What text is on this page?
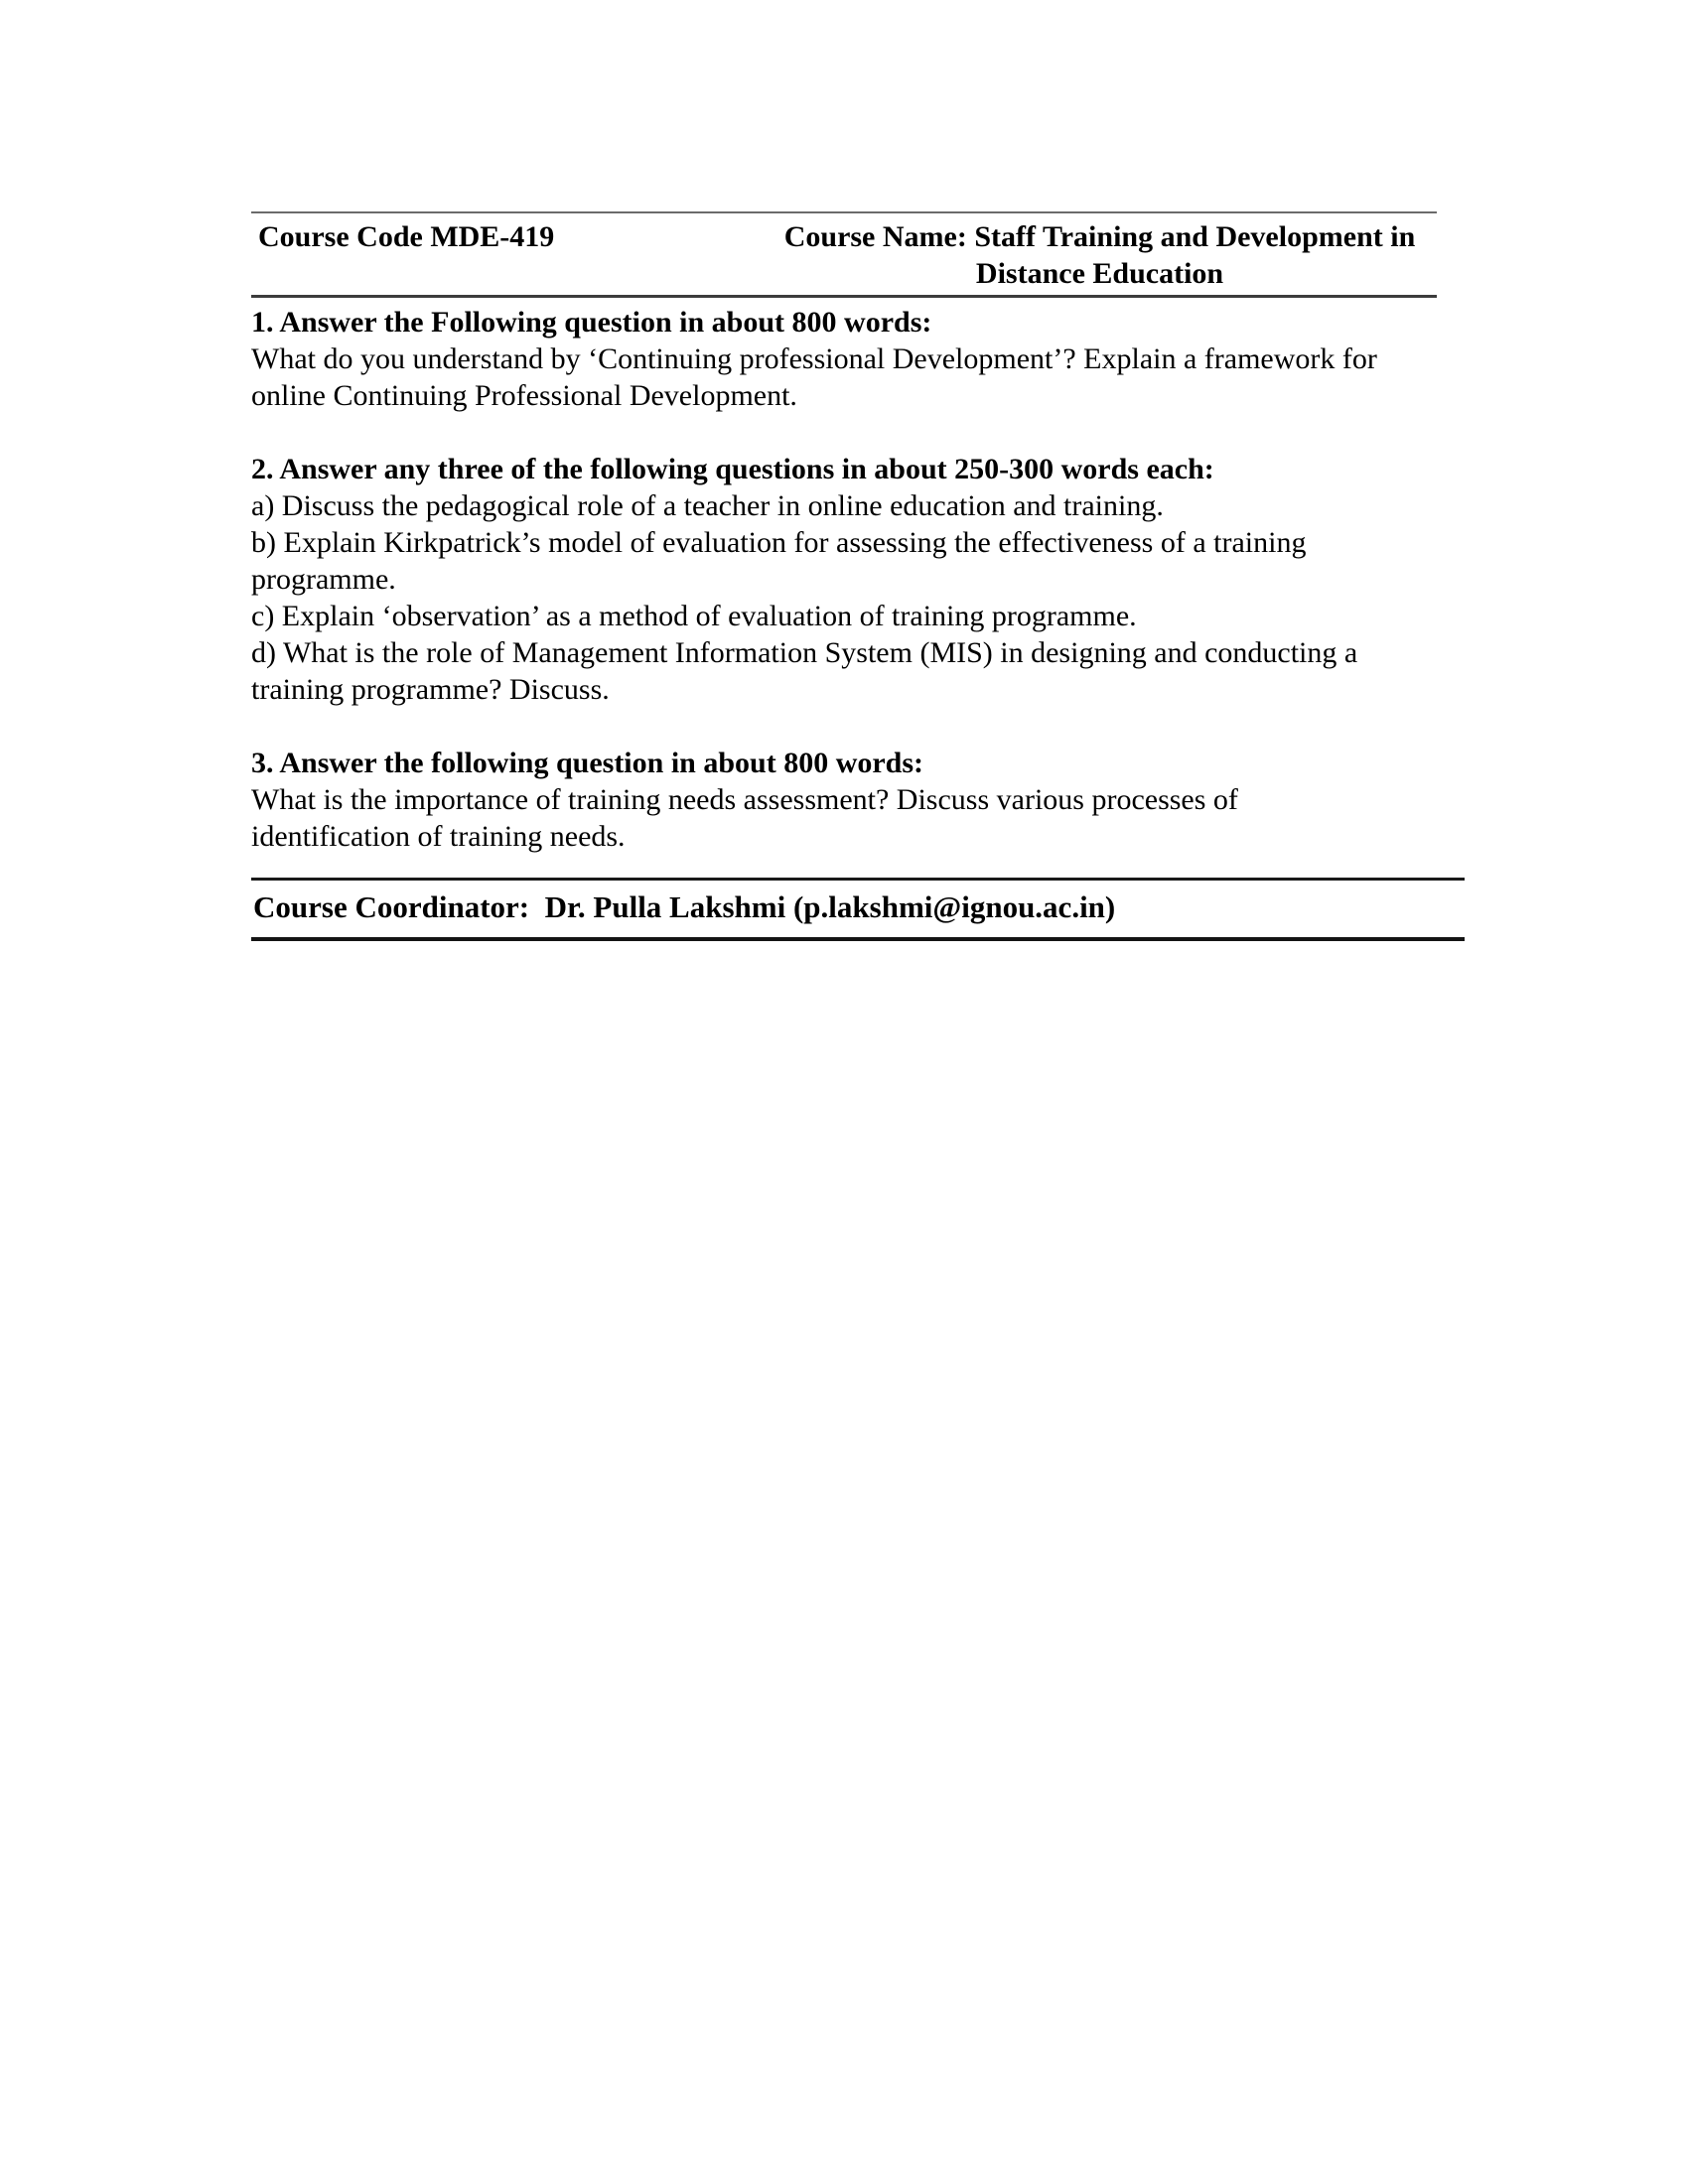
Course Code MDE-419	Course Name: Staff Training and Development in
Distance Education
1. Answer the Following question in about 800 words:
What do you understand by ‘Continuing professional Development’? Explain a framework for
online Continuing Professional Development.
2. Answer any three of the following questions in about 250-300 words each:
a) Discuss the pedagogical role of a teacher in online education and training.
b) Explain Kirkpatrick’s model of evaluation for assessing the effectiveness of a training
programme.
c) Explain ‘observation’ as a method of evaluation of training programme.
d) What is the role of Management Information System (MIS) in designing and conducting a
training programme? Discuss.
3. Answer the following question in about 800 words:
What is the importance of training needs assessment? Discuss various processes of
identification of training needs.
Course Coordinator:  Dr. Pulla Lakshmi (p.lakshmi@ignou.ac.in)
